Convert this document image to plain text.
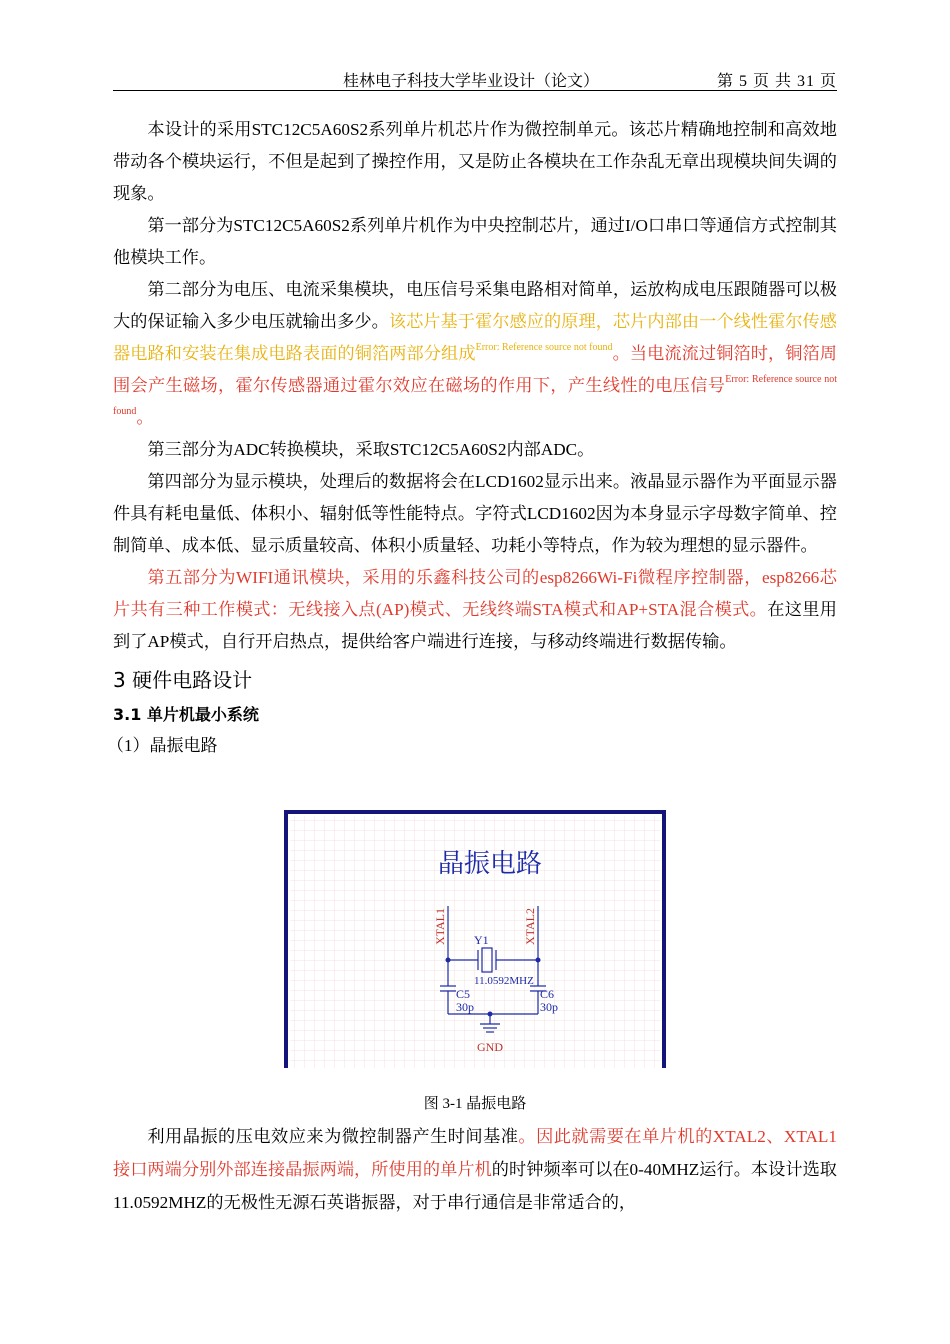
桂林电子科技大学毕业设计（论文）	第 5 页 共 31 页

本设计的采用STC12C5A60S2系列单片机芯片作为微控制单元。该芯片精确地控制和高效地带动各个模块运行，不但是起到了操控作用，又是防止各模块在工作杂乱无章出现模块间失调的现象。

第一部分为STC12C5A60S2系列单片机作为中央控制芯片，通过I/O口串口等通信方式控制其他模块工作。

第二部分为电压、电流采集模块，电压信号采集电路相对简单，运放构成电压跟随器可以极大的保证输入多少电压就输出多少。该芯片基于霍尔感应的原理，芯片内部由一个线性霍尔传感器电路和安装在集成电路表面的铜箔两部分组成$^{Error: Reference source not found}$。当电流流过铜箔时，铜箔周围会产生磁场，霍尔传感器通过霍尔效应在磁场的作用下，产生线性的电压信号$^{Error: Reference source not found}$。

第三部分为ADC转换模块，采取STC12C5A60S2内部ADC。

第四部分为显示模块，处理后的数据将会在LCD1602显示出来。液晶显示器作为平面显示器件具有耗电量低、体积小、辐射低等性能特点。字符式LCD1602因为本身显示字母数字简单、控制简单、成本低、显示质量较高、体积小质量轻、功耗小等特点，作为较为理想的显示器件。

第五部分为WIFI通讯模块，采用的乐鑫科技公司的esp8266Wi-Fi微程序控制器，esp8266芯片共有三种工作模式：无线接入点(AP)模式、无线终端STA模式和AP+STA混合模式。在这里用到了AP模式，自行开启热点，提供给客户端进行连接，与移动终端进行数据传输。

3 硬件电路设计
3.1 单片机最小系统
（1）晶振电路
晶振电路
XTAL1	XTAL2
Y1
11.0592MHZ
C5
30p
C6
30p
GND
图 3-1 晶振电路

利用晶振的压电效应来为微控制器产生时间基准。因此就需要在单片机的XTAL2、XTAL1接口两端分别外部连接晶振两端，所使用的单片机的时钟频率可以在0-40MHZ运行。本设计选取11.0592MHZ的无极性无源石英谐振器，对于串行通信是非常适合的，
